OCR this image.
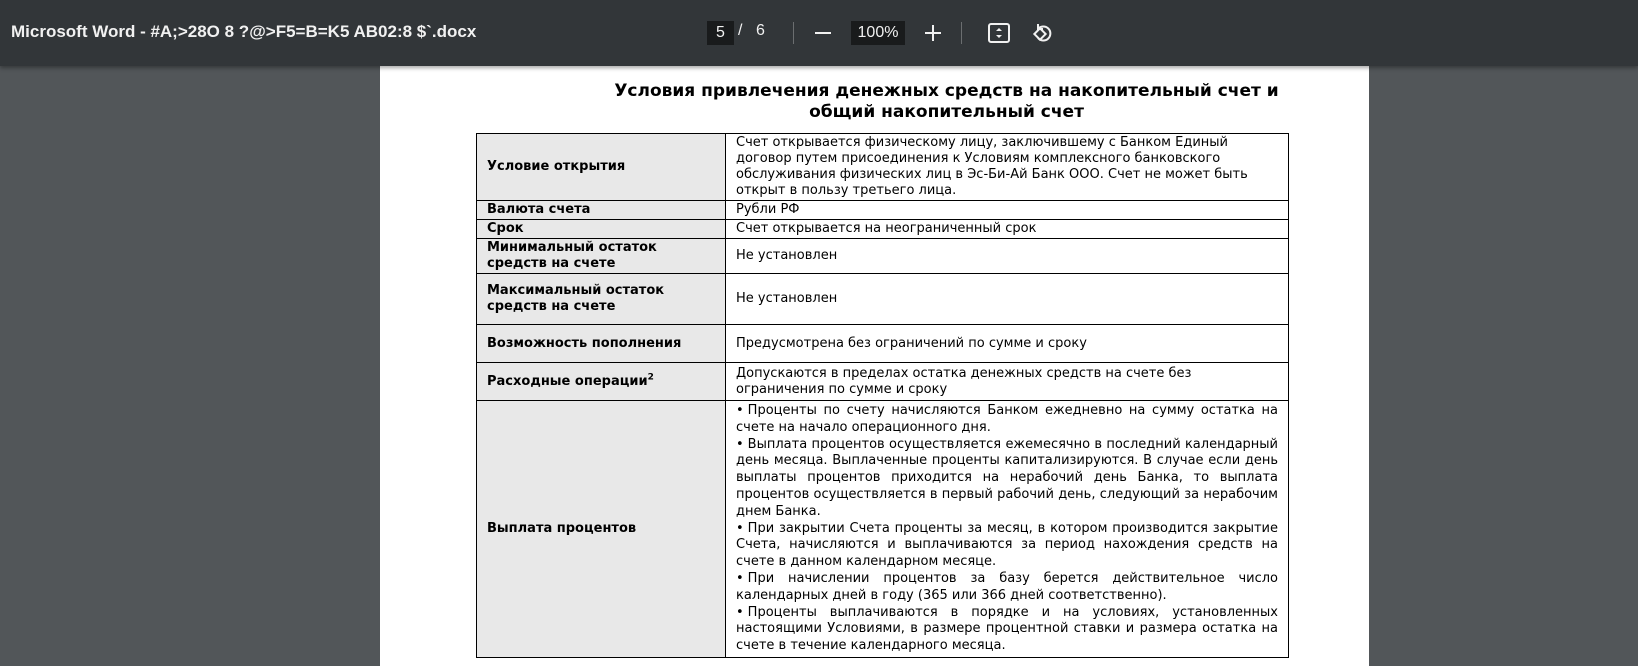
Microsoft Word - #A;>28O 8 ?@>F5=B=K5 AB02:8 $`.docx	5 / 6	100%
Условия привлечения денежных средств на накопительный счет и
общий накопительный счет
Условие открытия	Счет открывается физическому лицу, заключившему с Банком Единый договор путем присоединения к Условиям комплексного банковского обслуживания физических лиц в Эс-Би-Ай Банк ООО. Счет не может быть открыт в пользу третьего лица.
Валюта счета	Рубли РФ
Срок	Счет открывается на неограниченный срок
Минимальный остаток средств на счете	Не установлен
Максимальный остаток средств на счете	Не установлен
Возможность пополнения	Предусмотрена без ограничений по сумме и сроку
Расходные операции$^2$	Допускаются в пределах остатка денежных средств на счете без ограничения по сумме и сроку
Выплата процентов	• Проценты по счету начисляются Банком ежедневно на сумму остатка на счете на начало операционного дня.
• Выплата процентов осуществляется ежемесячно в последний календарный день месяца. Выплаченные проценты капитализируются. В случае если день выплаты процентов приходится на нерабочий день Банка, то выплата процентов осуществляется в первый рабочий день, следующий за нерабочим днем Банка.
• При закрытии Счета проценты за месяц, в котором производится закрытие Счета, начисляются и выплачиваются за период нахождения средств на счете в данном календарном месяце.
• При начислении процентов за базу берется действительное число календарных дней в году (365 или 366 дней соответственно).
• Проценты выплачиваются в порядке и на условиях, установленных настоящими Условиями, в размере процентной ставки и размера остатка на счете в течение календарного месяца.
